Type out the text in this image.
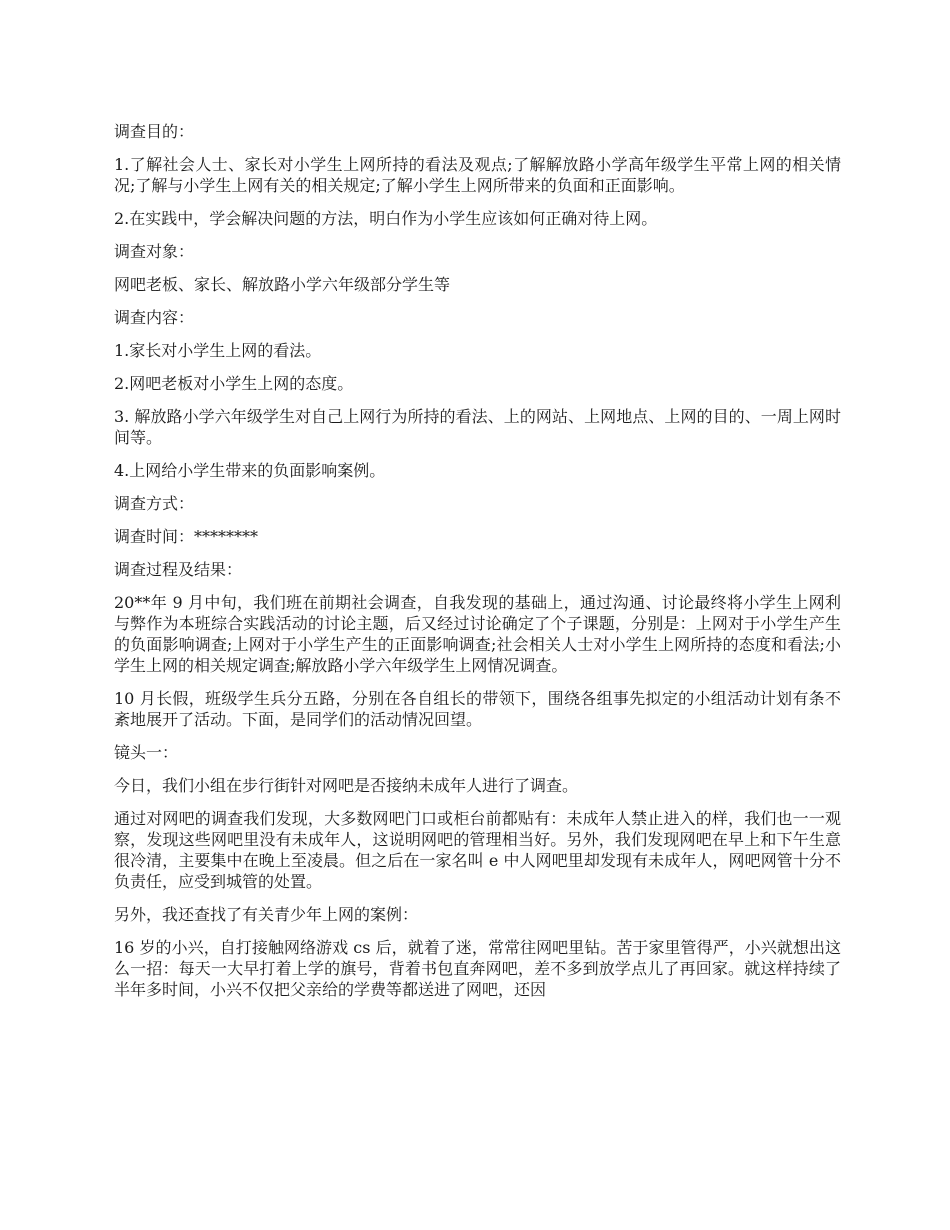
调查目的：

1.了解社会人士、家长对小学生上网所持的看法及观点;了解解放路小学高年级学生平常上网的相关情况;了解与小学生上网有关的相关规定;了解小学生上网所带来的负面和正面影响。

2.在实践中，学会解决问题的方法，明白作为小学生应该如何正确对待上网。

调查对象：

网吧老板、家长、解放路小学六年级部分学生等

调查内容：

1.家长对小学生上网的看法。

2.网吧老板对小学生上网的态度。

3. 解放路小学六年级学生对自己上网行为所持的看法、上的网站、上网地点、上网的目的、一周上网时间等。

4.上网给小学生带来的负面影响案例。

调查方式：

调查时间：********

调查过程及结果：

20**年 9 月中旬，我们班在前期社会调查，自我发现的基础上，通过沟通、讨论最终将小学生上网利与弊作为本班综合实践活动的讨论主题，后又经过讨论确定了个子课题，分别是：上网对于小学生产生的负面影响调查;上网对于小学生产生的正面影响调查;社会相关人士对小学生上网所持的态度和看法;小学生上网的相关规定调查;解放路小学六年级学生上网情况调查。

10 月长假，班级学生兵分五路，分别在各自组长的带领下，围绕各组事先拟定的小组活动计划有条不紊地展开了活动。下面，是同学们的活动情况回望。

镜头一：

今日，我们小组在步行街针对网吧是否接纳未成年人进行了调查。

通过对网吧的调查我们发现，大多数网吧门口或柜台前都贴有：未成年人禁止进入的样，我们也一一观察，发现这些网吧里没有未成年人，这说明网吧的管理相当好。另外，我们发现网吧在早上和下午生意很冷清，主要集中在晚上至凌晨。但之后在一家名叫 e 中人网吧里却发现有未成年人，网吧网管十分不负责任，应受到城管的处置。

另外，我还查找了有关青少年上网的案例：

16 岁的小兴，自打接触网络游戏 cs 后，就着了迷，常常往网吧里钻。苦于家里管得严，小兴就想出这么一招：每天一大早打着上学的旗号，背着书包直奔网吧，差不多到放学点儿了再回家。就这样持续了半年多时间，小兴不仅把父亲给的学费等都送进了网吧，还因
